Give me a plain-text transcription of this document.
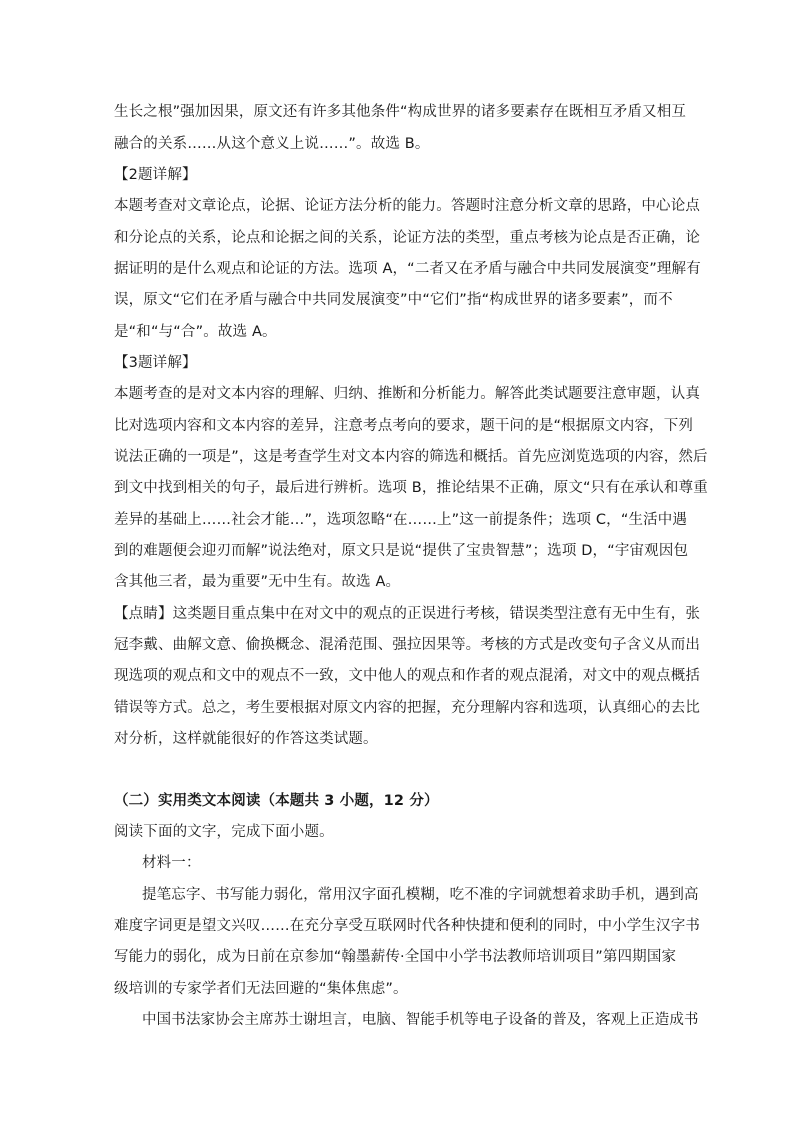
生长之根”强加因果，原文还有许多其他条件“构成世界的诸多要素存在既相互矛盾又相互
融合的关系……从这个意义上说……”。故选 B。
【2题详解】
本题考查对文章论点，论据、论证方法分析的能力。答题时注意分析文章的思路，中心论点
和分论点的关系，论点和论据之间的关系，论证方法的类型，重点考核为论点是否正确，论
据证明的是什么观点和论证的方法。选项 A，“二者又在矛盾与融合中共同发展演变”理解有
误，原文“它们在矛盾与融合中共同发展演变”中“它们”指“构成世界的诸多要素”，而不
是“和“与“合”。故选 A。
【3题详解】
本题考查的是对文本内容的理解、归纳、推断和分析能力。解答此类试题要注意审题，认真
比对选项内容和文本内容的差异，注意考点考向的要求，题干问的是“根据原文内容，下列
说法正确的一项是”，这是考查学生对文本内容的筛选和概括。首先应浏览选项的内容，然后
到文中找到相关的句子，最后进行辨析。选项 B，推论结果不正确，原文“只有在承认和尊重
差异的基础上……社会才能…”，选项忽略“在……上”这一前提条件；选项 C，“生活中遇
到的难题便会迎刃而解”说法绝对，原文只是说“提供了宝贵智慧”；选项 D，“宇宙观因包
含其他三者，最为重要”无中生有。故选 A。
【点睛】这类题目重点集中在对文中的观点的正误进行考核，错误类型注意有无中生有，张
冠李戴、曲解文意、偷换概念、混淆范围、强拉因果等。考核的方式是改变句子含义从而出
现选项的观点和文中的观点不一致，文中他人的观点和作者的观点混淆，对文中的观点概括
错误等方式。总之，考生要根据对原文内容的把握，充分理解内容和选项，认真细心的去比
对分析，这样就能很好的作答这类试题。
（二）实用类文本阅读（本题共 3 小题，12 分）
阅读下面的文字，完成下面小题。
材料一：
提笔忘字、书写能力弱化，常用汉字面孔模糊，吃不准的字词就想着求助手机，遇到高
难度字词更是望文兴叹……在充分享受互联网时代各种快捷和便利的同时，中小学生汉字书
写能力的弱化，成为日前在京参加“翰墨薪传·全国中小学书法教师培训项目”第四期国家
级培训的专家学者们无法回避的“集体焦虑”。
中国书法家协会主席苏士谢坦言，电脑、智能手机等电子设备的普及，客观上正造成书
